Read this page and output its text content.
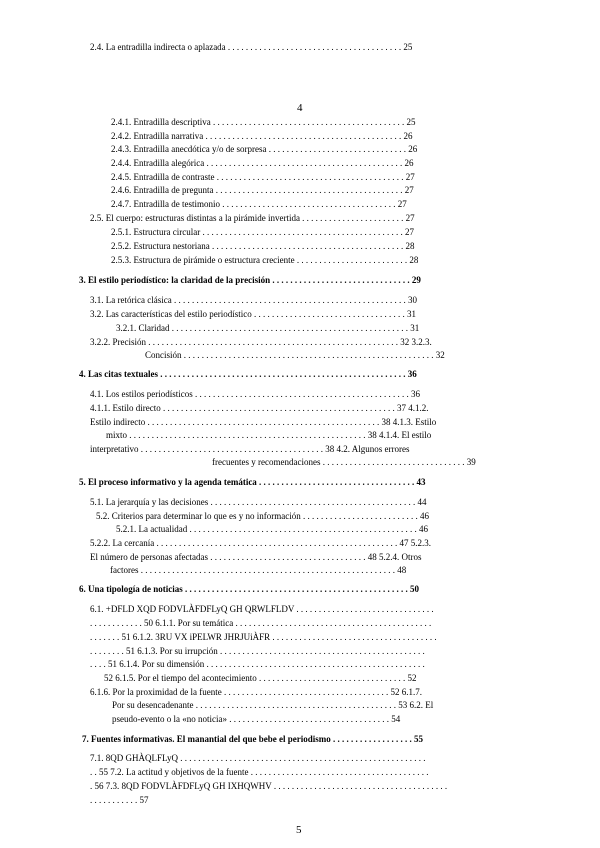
4
5
2.4. La entradilla indirecta o aplazada . . . . . . . . . . . . . . . . . . . . . . . . . . . . . . . . . . . . . . . 25
2.4.1. Entradilla descriptiva . . . . . . . . . . . . . . . . . . . . . . . . . . . . . . . . . . . . . . . . . . . 25
2.4.2. Entradilla narrativa . . . . . . . . . . . . . . . . . . . . . . . . . . . . . . . . . . . . . . . . . . . . 26
2.4.3. Entradilla anecdótica y/o de sorpresa . . . . . . . . . . . . . . . . . . . . . . . . . . . . . . . 26
2.4.4. Entradilla alegórica . . . . . . . . . . . . . . . . . . . . . . . . . . . . . . . . . . . . . . . . . . . . 26
2.4.5. Entradilla de contraste . . . . . . . . . . . . . . . . . . . . . . . . . . . . . . . . . . . . . . . . . . 27
2.4.6. Entradilla de pregunta . . . . . . . . . . . . . . . . . . . . . . . . . . . . . . . . . . . . . . . . . . 27
2.4.7. Entradilla de testimonio . . . . . . . . . . . . . . . . . . . . . . . . . . . . . . . . . . . . . . . 27
2.5. El cuerpo: estructuras distintas a la pirámide invertida . . . . . . . . . . . . . . . . . . . . . . . 27
2.5.1. Estructura circular . . . . . . . . . . . . . . . . . . . . . . . . . . . . . . . . . . . . . . . . . . . . . 27
2.5.2. Estructura nestoriana . . . . . . . . . . . . . . . . . . . . . . . . . . . . . . . . . . . . . . . . . . . 28
2.5.3. Estructura de pirámide o estructura creciente . . . . . . . . . . . . . . . . . . . . . . . . . 28
3. El estilo periodístico: la claridad de la precisión . . . . . . . . . . . . . . . . . . . . . . . . . . . . . . . 29
3.1. La retórica clásica . . . . . . . . . . . . . . . . . . . . . . . . . . . . . . . . . . . . . . . . . . . . . . . . . . . . 30
3.2. Las características del estilo periodístico . . . . . . . . . . . . . . . . . . . . . . . . . . . . . . . . . . 31
3.2.1. Claridad . . . . . . . . . . . . . . . . . . . . . . . . . . . . . . . . . . . . . . . . . . . . . . . . . . . . . 31
3.2.2. Precisión . . . . . . . . . . . . . . . . . . . . . . . . . . . . . . . . . . . . . . . . . . . . . . . . . . . . . . . . 32 3.2.3.
Concisión . . . . . . . . . . . . . . . . . . . . . . . . . . . . . . . . . . . . . . . . . . . . . . . . . . . . . . . . 32
4. Las citas textuales . . . . . . . . . . . . . . . . . . . . . . . . . . . . . . . . . . . . . . . . . . . . . . . . . . . . . . . 36
4.1. Los estilos periodísticos . . . . . . . . . . . . . . . . . . . . . . . . . . . . . . . . . . . . . . . . . . . . . . . . 36
4.1.1. Estilo directo . . . . . . . . . . . . . . . . . . . . . . . . . . . . . . . . . . . . . . . . . . . . . . . . . . . . 37 4.1.2.
Estilo indirecto . . . . . . . . . . . . . . . . . . . . . . . . . . . . . . . . . . . . . . . . . . . . . . . . . . . . 38 4.1.3. Estilo
mixto . . . . . . . . . . . . . . . . . . . . . . . . . . . . . . . . . . . . . . . . . . . . . . . . . . . . . 38 4.1.4. El estilo
interpretativo . . . . . . . . . . . . . . . . . . . . . . . . . . . . . . . . . . . . . . . . . 38 4.2. Algunos errores
frecuentes y recomendaciones . . . . . . . . . . . . . . . . . . . . . . . . . . . . . . . . 39
5. El proceso informativo y la agenda temática . . . . . . . . . . . . . . . . . . . . . . . . . . . . . . . . . . . 43
5.1. La jerarquía y las decisiones . . . . . . . . . . . . . . . . . . . . . . . . . . . . . . . . . . . . . . . . . . . . . . 44
5.2. Criterios para determinar lo que es y no información . . . . . . . . . . . . . . . . . . . . . . . . . . 46
5.2.1. La actualidad . . . . . . . . . . . . . . . . . . . . . . . . . . . . . . . . . . . . . . . . . . . . . . . . . . . 46
5.2.2. La cercanía . . . . . . . . . . . . . . . . . . . . . . . . . . . . . . . . . . . . . . . . . . . . . . . . . . . . . . 47 5.2.3.
El número de personas afectadas . . . . . . . . . . . . . . . . . . . . . . . . . . . . . . . . . . . 48 5.2.4. Otros
factores . . . . . . . . . . . . . . . . . . . . . . . . . . . . . . . . . . . . . . . . . . . . . . . . . . . . . . . . . 48
6. Una tipología de noticias . . . . . . . . . . . . . . . . . . . . . . . . . . . . . . . . . . . . . . . . . . . . . . . . . . 50
6.1. +DFLD XQD FODVLÀFDFLyQ GH QRWLFLDV . . . . . . . . . . . . . . . . . . . . . . . . . . . . . . .
. . . . . . . . . . . . 50 6.1.1. Por su temática . . . . . . . . . . . . . . . . . . . . . . . . . . . . . . . . . . . . . . . . . . . .
. . . . . . . 51 6.1.2. 3RU VX iPELWR JHRJUiÀFR . . . . . . . . . . . . . . . . . . . . . . . . . . . . . . . . . . . . .
. . . . . . . . 51 6.1.3. Por su irrupción . . . . . . . . . . . . . . . . . . . . . . . . . . . . . . . . . . . . . . . . . . . . . .
. . . . 51 6.1.4. Por su dimensión . . . . . . . . . . . . . . . . . . . . . . . . . . . . . . . . . . . . . . . . . . . . . . . . .
52 6.1.5. Por el tiempo del acontecimiento . . . . . . . . . . . . . . . . . . . . . . . . . . . . . . . . . 52
6.1.6. Por la proximidad de la fuente . . . . . . . . . . . . . . . . . . . . . . . . . . . . . . . . . . . . . 52 6.1.7.
Por su desencadenante . . . . . . . . . . . . . . . . . . . . . . . . . . . . . . . . . . . . . . . . . . . . . 53 6.2. El
pseudo-evento o la «no noticia» . . . . . . . . . . . . . . . . . . . . . . . . . . . . . . . . . . . . 54
7. Fuentes informativas. El manantial del que bebe el periodismo . . . . . . . . . . . . . . . . . . 55
7.1. 8QD GHÀQLFLyQ . . . . . . . . . . . . . . . . . . . . . . . . . . . . . . . . . . . . . . . . . . . . . . . . . . . . . . .
. . 55 7.2. La actitud y objetivos de la fuente . . . . . . . . . . . . . . . . . . . . . . . . . . . . . . . . . . . . . . . .
. 56 7.3. 8QD FODVLÀFDFLyQ GH IXHQWHV . . . . . . . . . . . . . . . . . . . . . . . . . . . . . . . . . . . . . . .
. . . . . . . . . . . 57
